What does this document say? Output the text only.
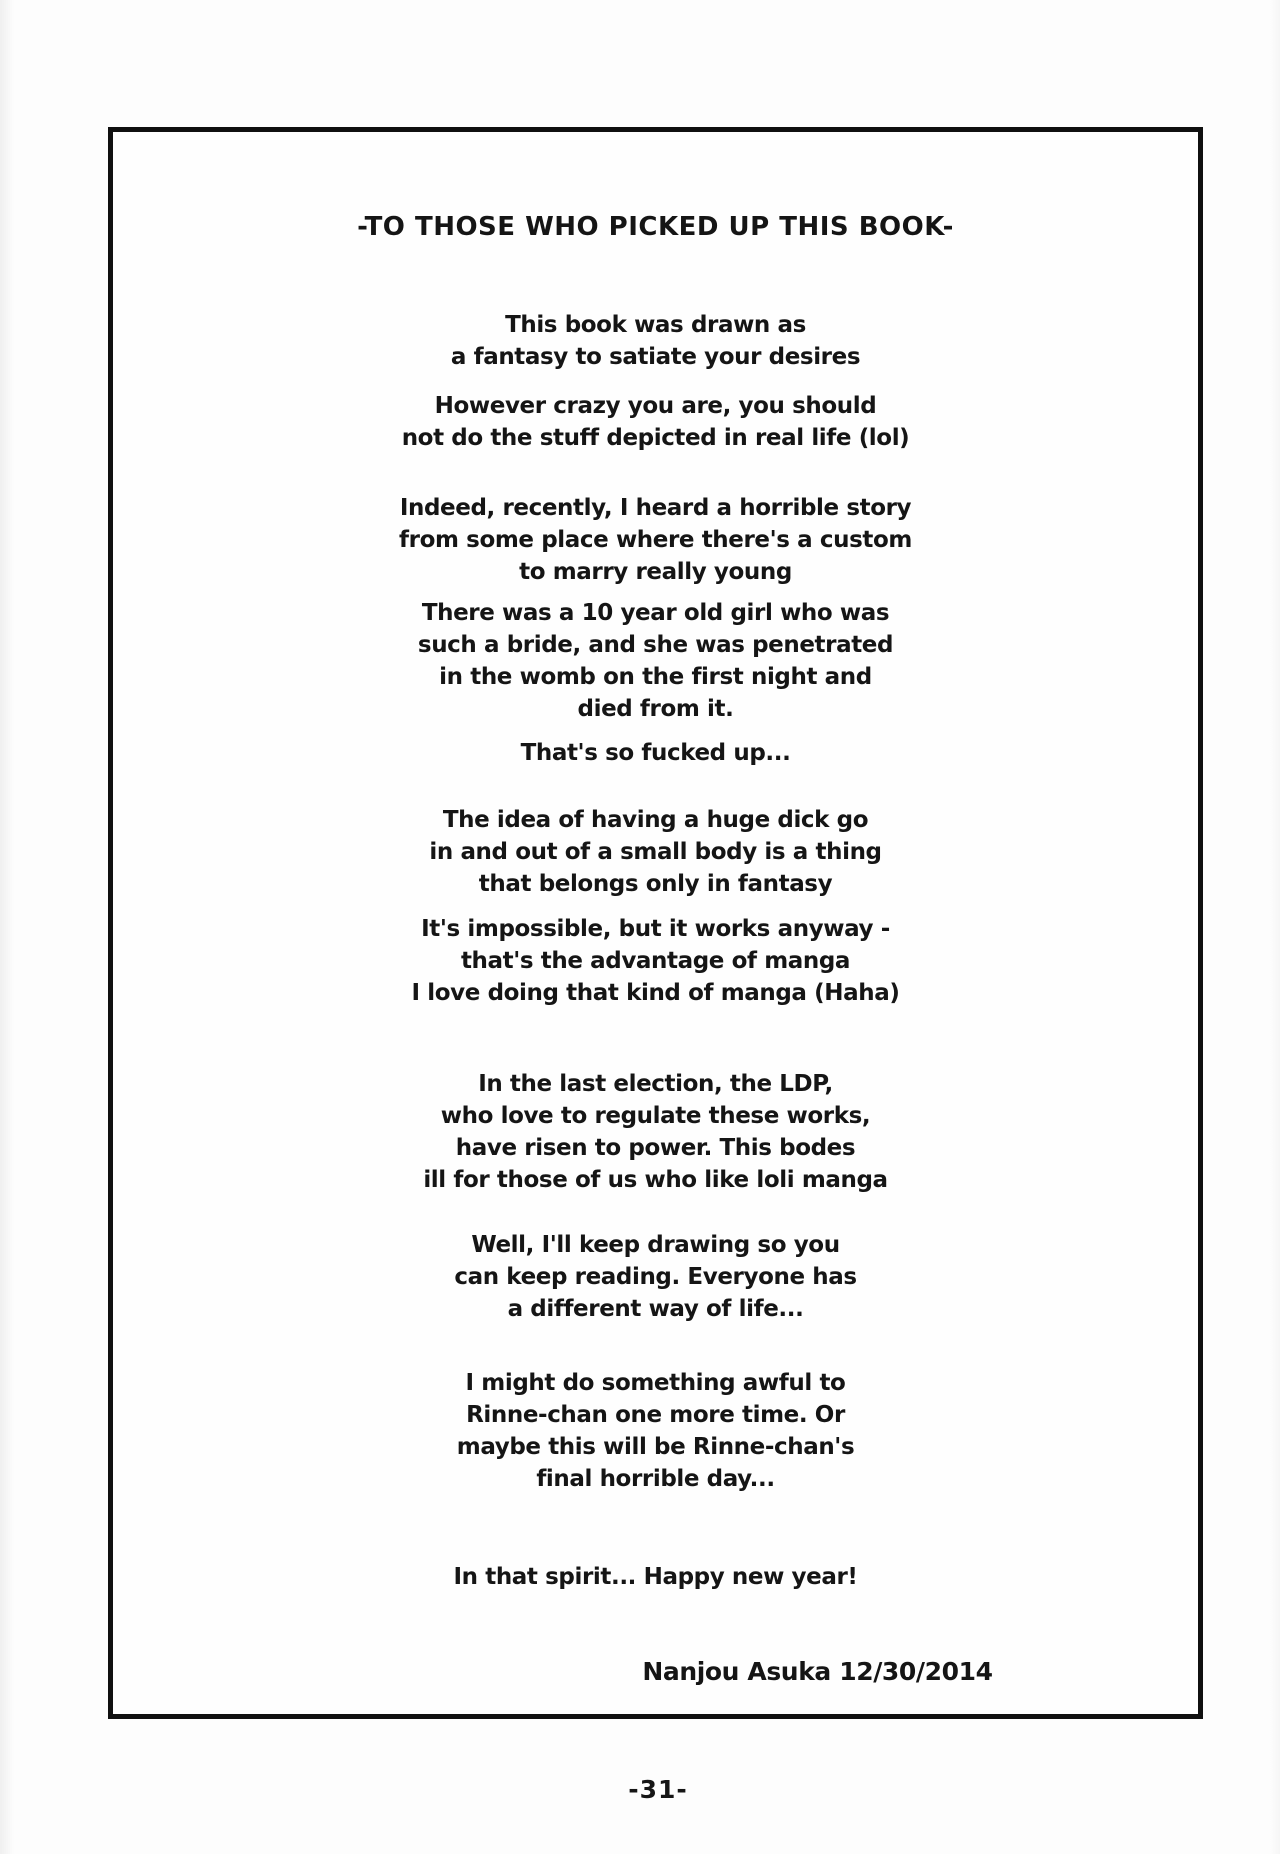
-TO THOSE WHO PICKED UP THIS BOOK-
This book was drawn as
a fantasy to satiate your desires
However crazy you are, you should
not do the stuff depicted in real life (lol)
Indeed, recently, I heard a horrible story
from some place where there's a custom
to marry really young
There was a 10 year old girl who was
such a bride, and she was penetrated
in the womb on the first night and
died from it.
That's so fucked up...
The idea of having a huge dick go
in and out of a small body is a thing
that belongs only in fantasy
It's impossible, but it works anyway -
that's the advantage of manga
I love doing that kind of manga (Haha)
In the last election, the LDP,
who love to regulate these works,
have risen to power. This bodes
ill for those of us who like loli manga
Well, I'll keep drawing so you
can keep reading. Everyone has
a different way of life...
I might do something awful to
Rinne-chan one more time. Or
maybe this will be Rinne-chan's
final horrible day...
In that spirit... Happy new year!
Nanjou Asuka 12/30/2014
-31-
